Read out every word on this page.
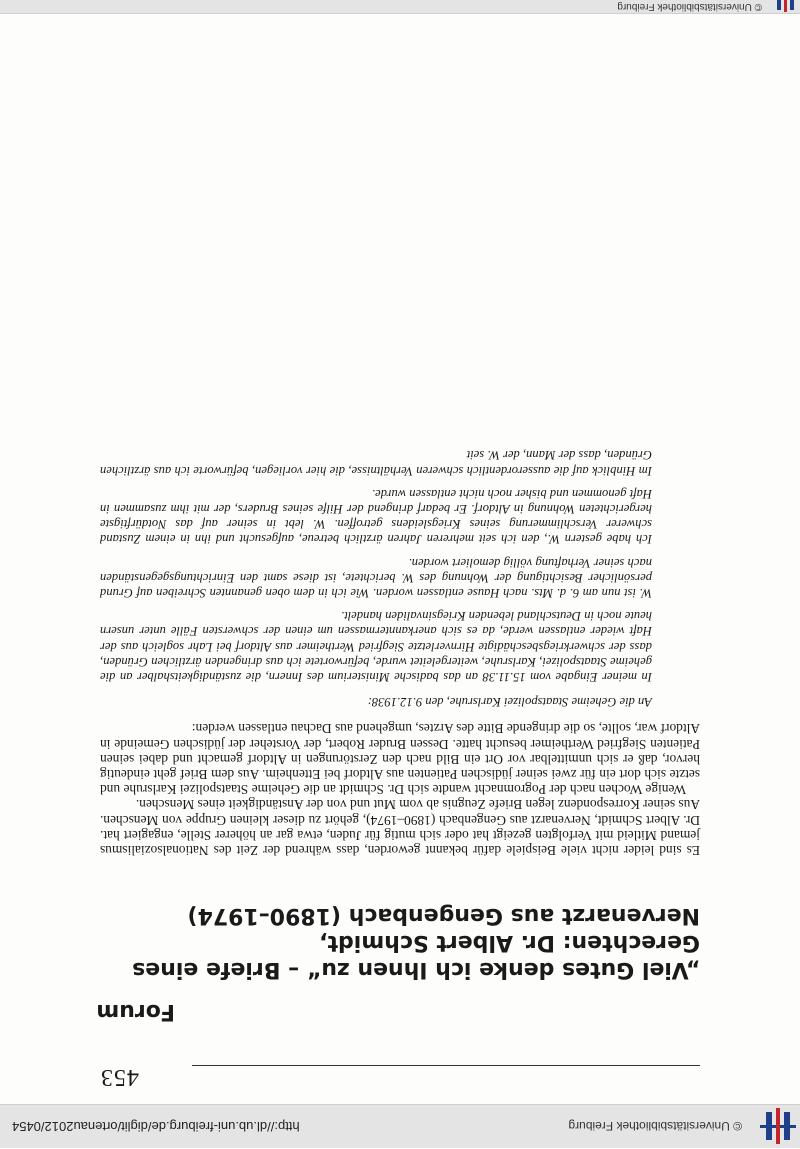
© Universitätsbibliothek Freiburg
http://dl.ub.uni-freiburg.de/diglit/ortenau2012/0454
453
Forum
„Viel Gutes denke ich Ihnen zu“ – Briefe eines
Gerechten: Dr. Albert Schmidt,
Nervenarzt aus Gengenbach (1890–1974)

Es sind leider nicht viele Beispiele dafür bekannt geworden, dass während der Zeit des Nationalsozialismus jemand Mitleid mit Verfolgten gezeigt hat oder sich mutig für Juden, etwa gar an höherer Stelle, engagiert hat. Dr. Albert Schmidt, Nervenarzt aus Gengenbach (1890–1974), gehört zu dieser kleinen Gruppe von Menschen. Aus seiner Korrespondenz legen Briefe Zeugnis ab vom Mut und von der Anständigkeit eines Menschen.

Wenige Wochen nach der Pogromnacht wandte sich Dr. Schmidt an die Geheime Staatspolizei Karlsruhe und setzte sich dort ein für zwei seiner jüdischen Patienten aus Altdorf bei Ettenheim. Aus dem Brief geht eindeutig hervor, daß er sich unmittelbar vor Ort ein Bild nach den Zerstörungen in Altdorf gemacht und dabei seinen Patienten Siegfried Wertheimer besucht hatte. Dessen Bruder Robert, der Vorsteher der jüdischen Gemeinde in Altdorf war, sollte, so die dringende Bitte des Arztes, umgehend aus Dachau entlassen werden:

An die Geheime Staatspolizei Karlsruhe, den 9.12.1938:

In meiner Eingabe vom 15.11.38 an das badische Ministerium des Innern, die zuständigkeitshalber an die geheime Staatspolizei, Karlsruhe, weitergeleitet wurde, befürwortete ich aus dringenden ärztlichen Gründen, dass der schwerkriegsbeschädigte Hirnverletzte Siegfried Wertheimer aus Altdorf bei Lahr sogleich aus der Haft wieder entlassen werde, da es sich anerkanntermassen um einen der schwersten Fälle unter unsern heute noch in Deutschland lebenden Kriegsinvaliden handelt.

W. ist nun am 6. d. Mts. nach Hause entlassen worden. Wie ich in dem oben genannten Schreiben auf Grund persönlicher Besichtigung der Wohnung des W. berichtete, ist diese samt den Einrichtungsgegenständen nach seiner Verhaftung völlig demoliert worden.

Ich habe gestern W., den ich seit mehreren Jahren ärztlich betreue, aufgesucht und ihn in einem Zustand schwerer Verschlimmerung seines Kriegsleidens getroffen. W. lebt in seiner auf das Notdürftigste hergerichteten Wohnung in Altdorf. Er bedarf dringend der Hilfe seines Bruders, der mit ihm zusammen in Haft genommen und bisher noch nicht entlassen wurde.

Im Hinblick auf die ausserordentlich schweren Verhältnisse, die hier vorliegen, befürworte ich aus ärztlichen Gründen, dass der Mann, der W. seit

© Universitätsbibliothek Freiburg
